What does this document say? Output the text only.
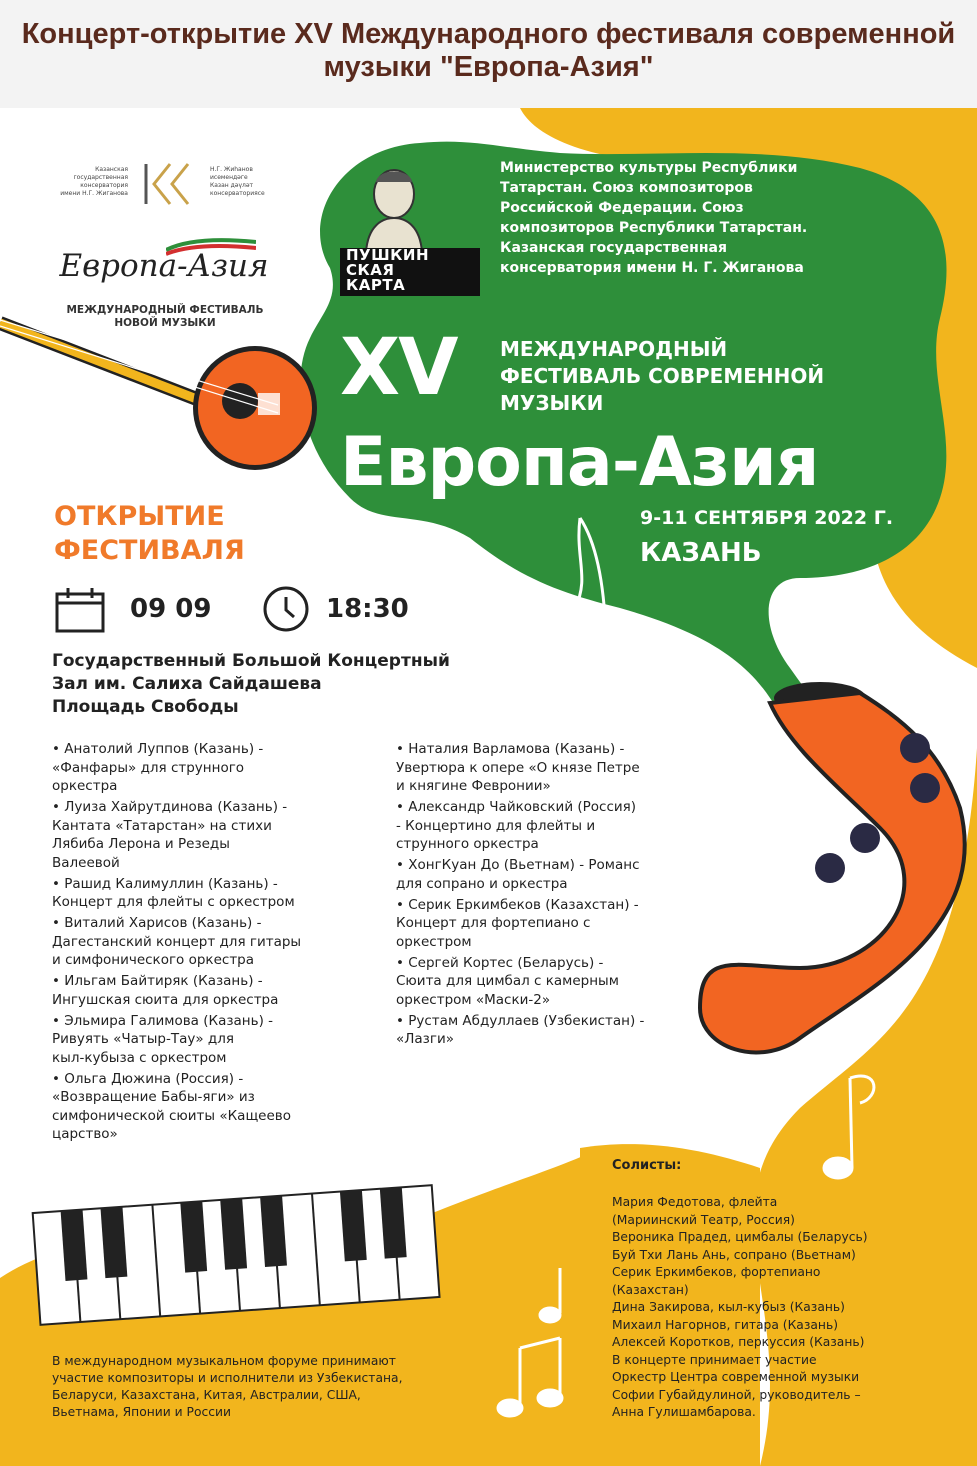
Концерт-открытие XV Международного фестиваля современной музыки "Европа-Азия"
Казанская
государственная
консерватория
имени Н.Г. Жиганова
Н.Г. Жиһанов
исемендәге
Казан дәүләт
консерваториясе
Европа-Азия
МЕЖДУНАРОДНЫЙ ФЕСТИВАЛЬ
НОВОЙ МУЗЫКИ
ПУШКИН
СКАЯ
КАРТА
Министерство культуры Республики
Татарстан. Союз композиторов
Российской Федерации. Союз
композиторов Республики Татарстан.
Казанская государственная
консерватория имени Н. Г. Жиганова
XV МЕЖДУНАРОДНЫЙ
ФЕСТИВАЛЬ СОВРЕМЕННОЙ
МУЗЫКИ
Европа-Азия
9-11 СЕНТЯБРЯ 2022 Г.
КАЗАНЬ
ОТКРЫТИЕ
ФЕСТИВАЛЯ
09 09	18:30
Государственный Большой Концертный
Зал им. Салиха Сайдашева
Площадь Свободы
• Анатолий Луппов (Казань) -
«Фанфары» для струнного
оркестра
• Луиза Хайрутдинова (Казань) -
Кантата «Татарстан» на стихи
Лябиба Лерона и Резеды
Валеевой
• Рашид Калимуллин (Казань) -
Концерт для флейты с оркестром
• Виталий Харисов (Казань) -
Дагестанский концерт для гитары
и симфонического оркестра
• Ильгам Байтиряк (Казань) -
Ингушская сюита для оркестра
• Эльмира Галимова (Казань) -
Ривуять «Чатыр-Тау» для
кыл-кубыза с оркестром
• Ольга Дюжина (Россия) -
«Возвращение Бабы-яги» из
симфонической сюиты «Кащеево
царство»
• Наталия Варламова (Казань) -
Увертюра к опере «О князе Петре
и княгине Февронии»
• Александр Чайковский (Россия)
- Концертино для флейты и
струнного оркестра
• ХонгКуан До (Вьетнам) - Романс
для сопрано и оркестра
• Серик Еркимбеков (Казахстан) -
Концерт для фортепиано с
оркестром
• Сергей Кортес (Беларусь) -
Сюита для цимбал с камерным
оркестром «Маски-2»
• Рустам Абдуллаев (Узбекистан) -
«Лазги»
Солисты:
Мария Федотова, флейта
(Мариинский Театр, Россия)
Вероника Прадед, цимбалы (Беларусь)
Буй Тхи Лань Ань, сопрано (Вьетнам)
Серик Еркимбеков, фортепиано
(Казахстан)
Дина Закирова, кыл-кубыз (Казань)
Михаил Нагорнов, гитара (Казань)
Алексей Коротков, перкуссия (Казань)
В концерте принимает участие
Оркестр Центра современной музыки
Софии Губайдулиной, руководитель –
Анна Гулишамбарова.
В международном музыкальном форуме принимают
участие композиторы и исполнители из Узбекистана,
Беларуси, Казахстана, Китая, Австралии, США,
Вьетнама, Японии и России
